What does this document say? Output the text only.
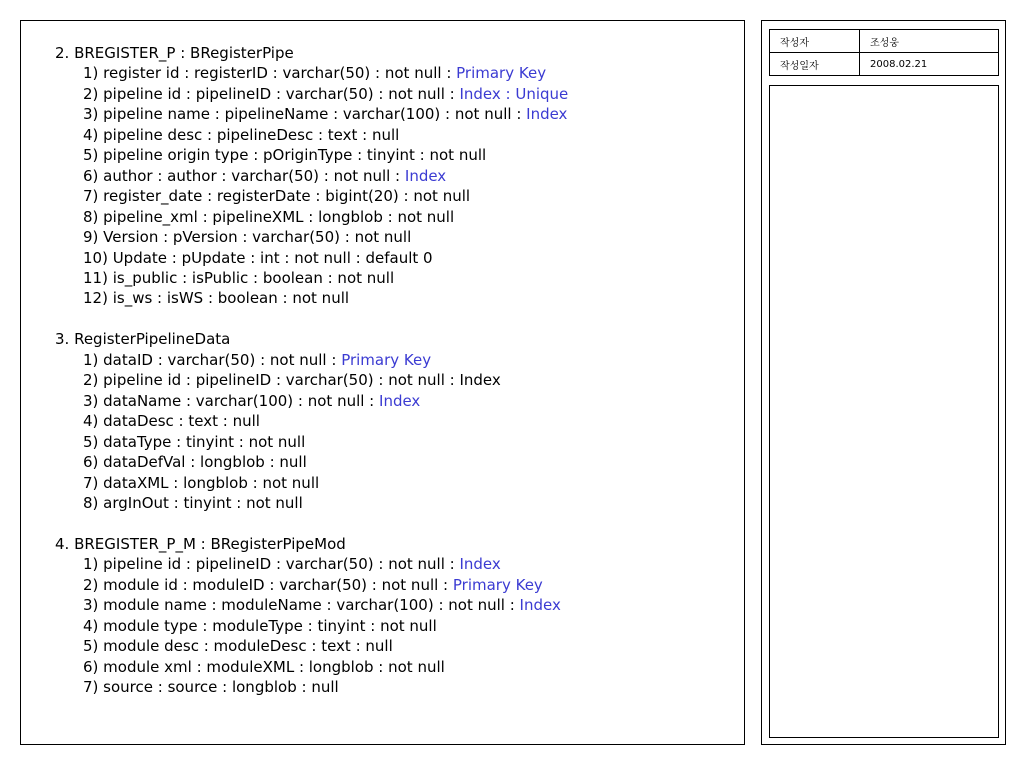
2. BREGISTER_P : BRegisterPipe
1) register id : registerID : varchar(50) : not null : Primary Key
2) pipeline id : pipelineID : varchar(50) : not null : Index : Unique
3) pipeline name : pipelineName : varchar(100) : not null : Index
4) pipeline desc : pipelineDesc : text : null
5) pipeline origin type : pOriginType : tinyint : not null
6) author : author : varchar(50) : not null : Index
7) register_date : registerDate : bigint(20) : not null
8) pipeline_xml : pipelineXML : longblob : not null
9) Version : pVersion : varchar(50) : not null
10) Update : pUpdate : int : not null : default 0
11) is_public : isPublic : boolean : not null
12) is_ws : isWS : boolean : not null
3. RegisterPipelineData
1) dataID : varchar(50) : not null : Primary Key
2) pipeline id : pipelineID : varchar(50) : not null : Index
3) dataName : varchar(100) : not null : Index
4) dataDesc : text : null
5) dataType : tinyint : not null
6) dataDefVal : longblob : null
7) dataXML : longblob : not null
8) argInOut : tinyint : not null
4. BREGISTER_P_M : BRegisterPipeMod
1) pipeline id : pipelineID : varchar(50) : not null : Index
2) module id : moduleID : varchar(50) : not null : Primary Key
3) module name : moduleName : varchar(100) : not null : Index
4) module type : moduleType : tinyint : not null
5) module desc : moduleDesc : text : null
6) module xml : moduleXML : longblob : not null
7) source : source : longblob : null
작성자	조성웅
작성일자	2008.02.21
